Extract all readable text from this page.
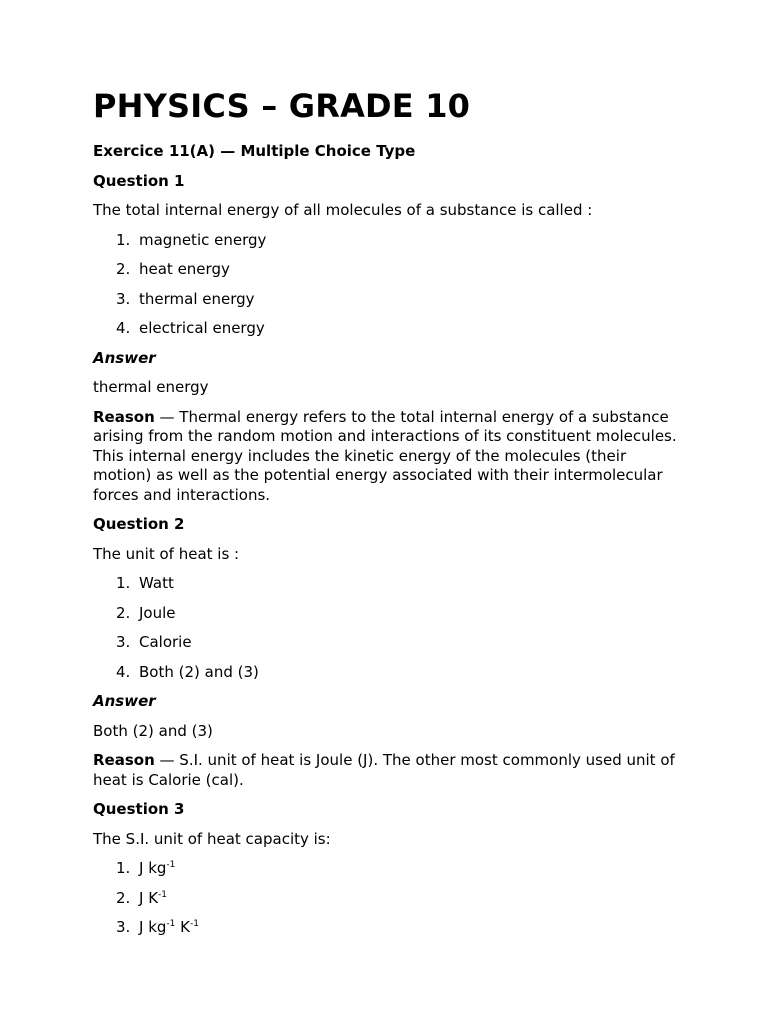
PHYSICS – GRADE 10

Exercice 11(A) — Multiple Choice Type

Question 1

The total internal energy of all molecules of a substance is called :

1. magnetic energy
2. heat energy
3. thermal energy
4. electrical energy

Answer

thermal energy

Reason — Thermal energy refers to the total internal energy of a substance arising from the random motion and interactions of its constituent molecules. This internal energy includes the kinetic energy of the molecules (their motion) as well as the potential energy associated with their intermolecular forces and interactions.

Question 2

The unit of heat is :

1. Watt
2. Joule
3. Calorie
4. Both (2) and (3)

Answer

Both (2) and (3)

Reason — S.I. unit of heat is Joule (J). The other most commonly used unit of heat is Calorie (cal).

Question 3

The S.I. unit of heat capacity is:

1. J $kg^{-1}$
2. J $K^{-1}$
3. J $kg^{-1}$ $K^{-1}$
